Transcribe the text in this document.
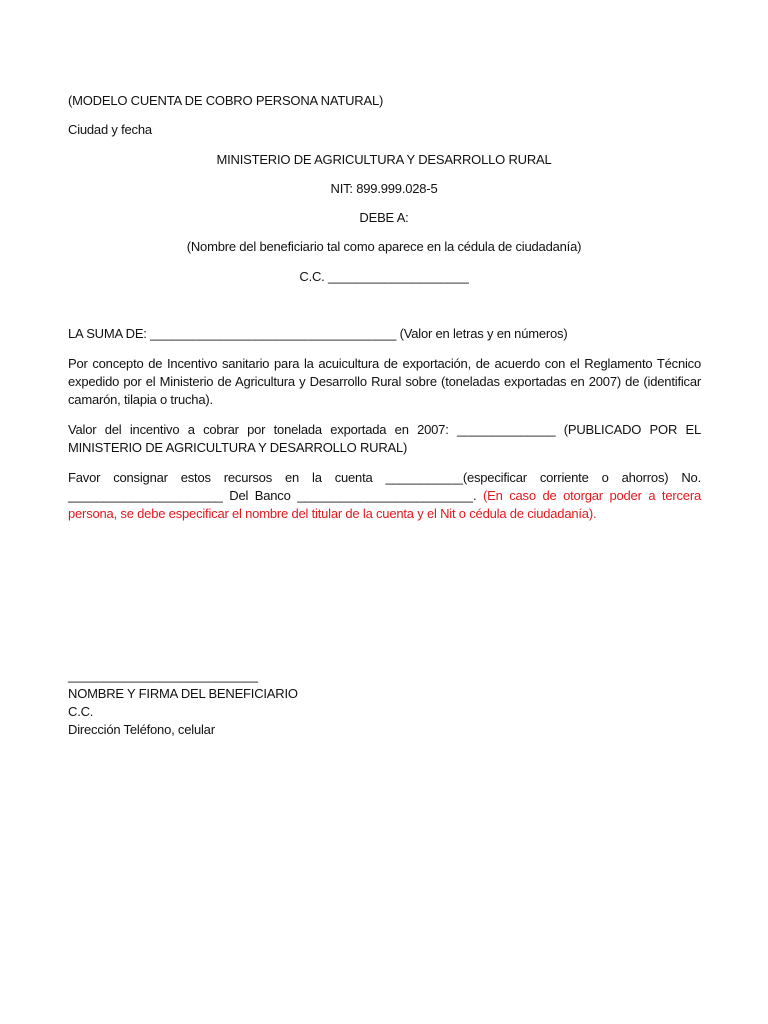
(MODELO CUENTA DE COBRO PERSONA NATURAL)
Ciudad y fecha
MINISTERIO DE AGRICULTURA Y DESARROLLO RURAL
NIT: 899.999.028-5
DEBE A:
(Nombre del beneficiario tal como aparece en la cédula de ciudadanía)
C.C. ____________________
LA SUMA DE: ___________________________________ (Valor en letras y en números)
Por concepto de Incentivo sanitario para la acuicultura de exportación, de acuerdo con el Reglamento Técnico expedido por el Ministerio de Agricultura y Desarrollo Rural sobre (toneladas exportadas en 2007) de (identificar camarón, tilapia o trucha).
Valor del incentivo a cobrar por tonelada exportada en 2007: ______________ (PUBLICADO POR EL MINISTERIO DE AGRICULTURA Y DESARROLLO RURAL)
Favor consignar estos recursos en la cuenta ___________(especificar corriente o ahorros) No. ______________________ Del Banco _________________________. (En caso de otorgar poder a tercera persona, se debe especificar el nombre del titular de la cuenta y el Nit o cédula de ciudadanía).
___________________________
NOMBRE Y FIRMA DEL BENEFICIARIO
C.C.
Dirección Teléfono, celular
